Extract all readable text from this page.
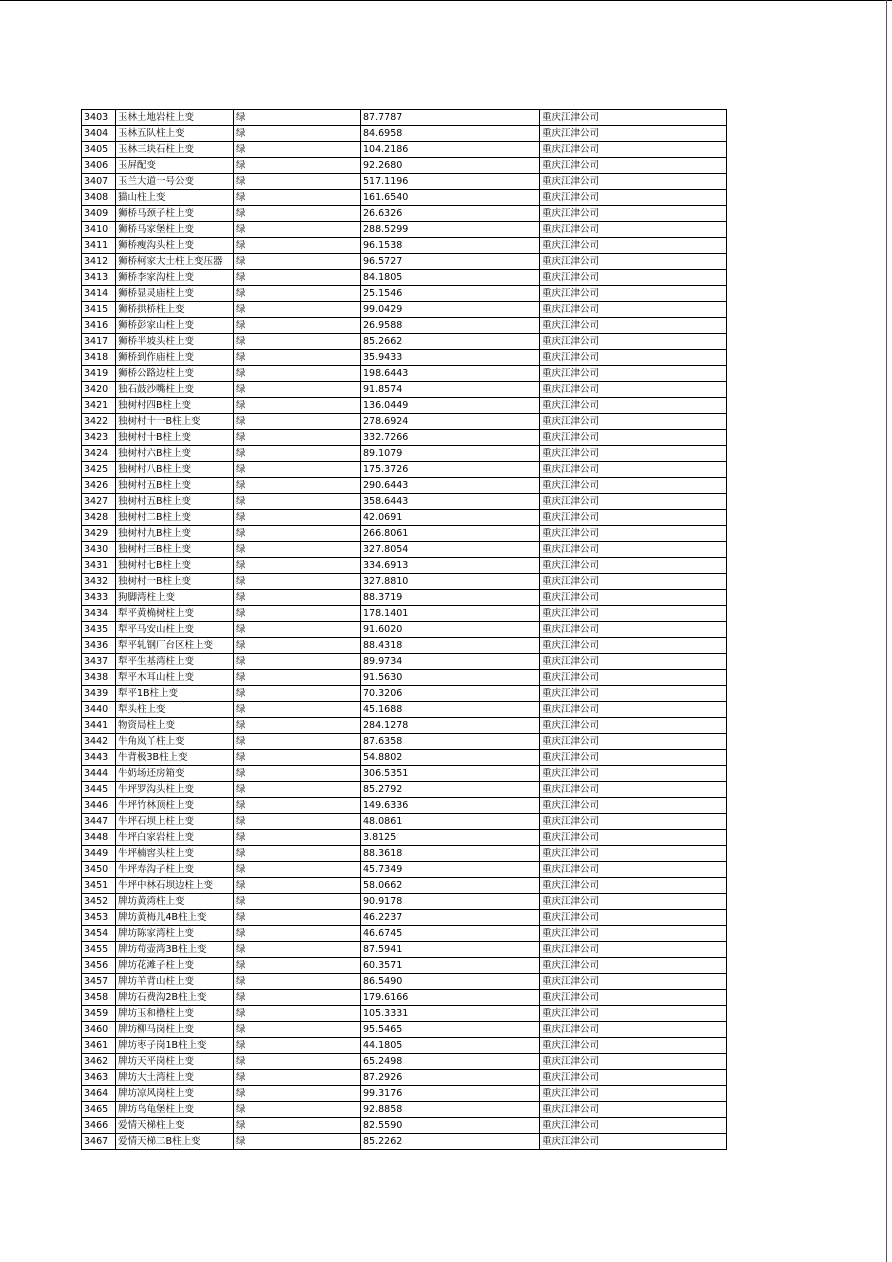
3403	玉林土地岩柱上变	绿	87.7787	重庆江津公司
3404	玉林五队柱上变	绿	84.6958	重庆江津公司
3405	玉林三块石柱上变	绿	104.2186	重庆江津公司
3406	玉屏配变	绿	92.2680	重庆江津公司
3407	玉兰大道一号公变	绿	517.1196	重庆江津公司
3408	猫山柱上变	绿	161.6540	重庆江津公司
3409	狮桥马颈子柱上变	绿	26.6326	重庆江津公司
3410	狮桥马家堡柱上变	绿	288.5299	重庆江津公司
3411	狮桥瘦沟头柱上变	绿	96.1538	重庆江津公司
3412	狮桥柯家大土柱上变压器	绿	96.5727	重庆江津公司
3413	狮桥李家沟柱上变	绿	84.1805	重庆江津公司
3414	狮桥显灵庙柱上变	绿	25.1546	重庆江津公司
3415	狮桥拱桥柱上变	绿	99.0429	重庆江津公司
3416	狮桥彭家山柱上变	绿	26.9588	重庆江津公司
3417	狮桥半坡头柱上变	绿	85.2662	重庆江津公司
3418	狮桥到作庙柱上变	绿	35.9433	重庆江津公司
3419	狮桥公路边柱上变	绿	198.6443	重庆江津公司
3420	独石鼓沙嘴柱上变	绿	91.8574	重庆江津公司
3421	独树村四B柱上变	绿	136.0449	重庆江津公司
3422	独树村十一B柱上变	绿	278.6924	重庆江津公司
3423	独树村十B柱上变	绿	332.7266	重庆江津公司
3424	独树村六B柱上变	绿	89.1079	重庆江津公司
3425	独树村八B柱上变	绿	175.3726	重庆江津公司
3426	独树村五B柱上变	绿	290.6443	重庆江津公司
3427	独树村五B柱上变	绿	358.6443	重庆江津公司
3428	独树村二B柱上变	绿	42.0691	重庆江津公司
3429	独树村九B柱上变	绿	266.8061	重庆江津公司
3430	独树村三B柱上变	绿	327.8054	重庆江津公司
3431	独树村七B柱上变	绿	334.6913	重庆江津公司
3432	独树村一B柱上变	绿	327.8810	重庆江津公司
3433	狗脚湾柱上变	绿	88.3719	重庆江津公司
3434	犁平黄桷树柱上变	绿	178.1401	重庆江津公司
3435	犁平马安山柱上变	绿	91.6020	重庆江津公司
3436	犁平轧钢厂台区柱上变	绿	88.4318	重庆江津公司
3437	犁平生基湾柱上变	绿	89.9734	重庆江津公司
3438	犁平木耳山柱上变	绿	91.5630	重庆江津公司
3439	犁平1B柱上变	绿	70.3206	重庆江津公司
3440	犁头柱上变	绿	45.1688	重庆江津公司
3441	物资局柱上变	绿	284.1278	重庆江津公司
3442	牛角岚丫柱上变	绿	87.6358	重庆江津公司
3443	牛背极3B柱上变	绿	54.8802	重庆江津公司
3444	牛奶场还房箱变	绿	306.5351	重庆江津公司
3445	牛坪罗沟头柱上变	绿	85.2792	重庆江津公司
3446	牛坪竹林顶柱上变	绿	149.6336	重庆江津公司
3447	牛坪石坝上柱上变	绿	48.0861	重庆江津公司
3448	牛坪白家岩柱上变	绿	3.8125	重庆江津公司
3449	牛坪楠窖头柱上变	绿	88.3618	重庆江津公司
3450	牛坪寿沟子柱上变	绿	45.7349	重庆江津公司
3451	牛坪中林石坝边柱上变	绿	58.0662	重庆江津公司
3452	牌坊黄湾柱上变	绿	90.9178	重庆江津公司
3453	牌坊黄梅儿4B柱上变	绿	46.2237	重庆江津公司
3454	牌坊陈家湾柱上变	绿	46.6745	重庆江津公司
3455	牌坊苟壶湾3B柱上变	绿	87.5941	重庆江津公司
3456	牌坊花滩子柱上变	绿	60.3571	重庆江津公司
3457	牌坊羊背山柱上变	绿	86.5490	重庆江津公司
3458	牌坊石费沟2B柱上变	绿	179.6166	重庆江津公司
3459	牌坊玉和橹柱上变	绿	105.3331	重庆江津公司
3460	牌坊柳马岗柱上变	绿	95.5465	重庆江津公司
3461	牌坊枣子岗1B柱上变	绿	44.1805	重庆江津公司
3462	牌坊天平岗柱上变	绿	65.2498	重庆江津公司
3463	牌坊大土湾柱上变	绿	87.2926	重庆江津公司
3464	牌坊凉风岗柱上变	绿	99.3176	重庆江津公司
3465	牌坊乌龟堡柱上变	绿	92.8858	重庆江津公司
3466	爱情天梯柱上变	绿	82.5590	重庆江津公司
3467	爱情天梯二B柱上变	绿	85.2262	重庆江津公司
